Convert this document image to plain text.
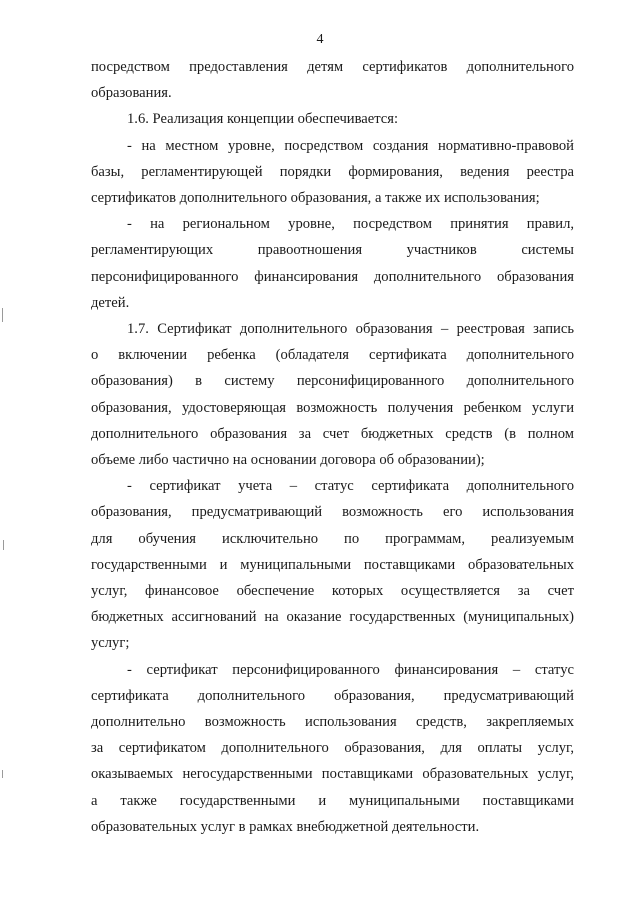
4

посредством предоставления детям сертификатов дополнительного
образования.

1.6. Реализация концепции обеспечивается:

- на местном уровне, посредством создания нормативно-правовой
базы, регламентирующей порядки формирования, ведения реестра
сертификатов дополнительного образования, а также их использования;

- на региональном уровне, посредством принятия правил,
регламентирующих правоотношения участников системы
персонифицированного финансирования дополнительного образования
детей.

1.7. Сертификат дополнительного образования – реестровая запись
о включении ребенка (обладателя сертификата дополнительного
образования) в систему персонифицированного дополнительного
образования, удостоверяющая возможность получения ребенком услуги
дополнительного образования за счет бюджетных средств (в полном
объеме либо частично на основании договора об образовании);

- сертификат учета – статус сертификата дополнительного
образования, предусматривающий возможность его использования
для обучения исключительно по программам, реализуемым
государственными и муниципальными поставщиками образовательных
услуг, финансовое обеспечение которых осуществляется за счет
бюджетных ассигнований на оказание государственных (муниципальных)
услуг;

- сертификат персонифицированного финансирования – статус
сертификата дополнительного образования, предусматривающий
дополнительно возможность использования средств, закрепляемых
за сертификатом дополнительного образования, для оплаты услуг,
оказываемых негосударственными поставщиками образовательных услуг,
а также государственными и муниципальными поставщиками
образовательных услуг в рамках внебюджетной деятельности.
